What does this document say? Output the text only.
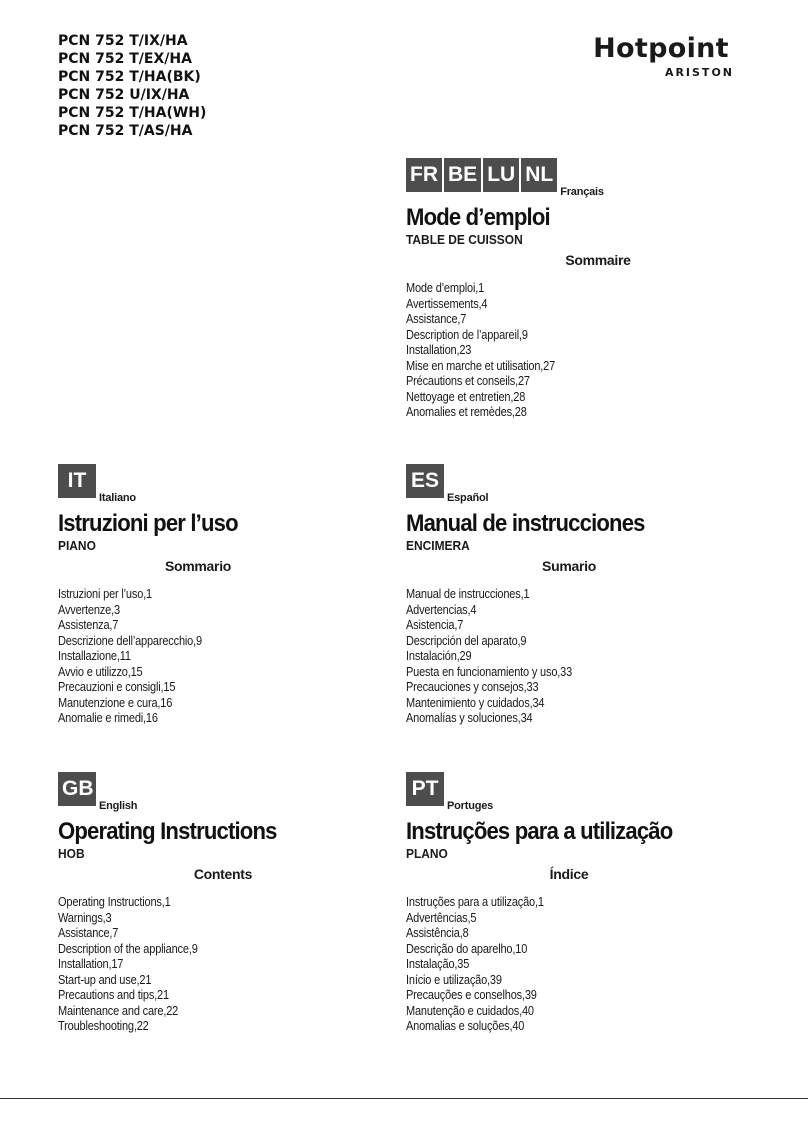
PCN 752 T/IX/HA
PCN 752 T/EX/HA
PCN 752 T/HA(BK)
PCN 752 U/IX/HA
PCN 752 T/HA(WH)
PCN 752 T/AS/HA
Hotpoint
ARISTON
FR BE LU NL
Français
Mode d’emploi
TABLE DE CUISSON
Sommaire
Mode d’emploi,1
Avertissements,4
Assistance,7
Description de l’appareil,9
Installation,23
Mise en marche et utilisation,27
Précautions et conseils,27
Nettoyage et entretien,28
Anomalies et remèdes,28
IT
Italiano
Istruzioni per l’uso
PIANO
Sommario
Istruzioni per l’uso,1
Avvertenze,3
Assistenza,7
Descrizione dell’apparecchio,9
Installazione,11
Avvio e utilizzo,15
Precauzioni e consigli,15
Manutenzione e cura,16
Anomalie e rimedi,16
ES
Español
Manual de instrucciones
ENCIMERA
Sumario
Manual de instrucciones,1
Advertencias,4
Asistencia,7
Descripción del aparato,9
Instalación,29
Puesta en funcionamiento y uso,33
Precauciones y consejos,33
Mantenimiento y cuidados,34
Anomalías y soluciones,34
GB
English
Operating Instructions
HOB
Contents
Operating Instructions,1
Warnings,3
Assistance,7
Description of the appliance,9
Installation,17
Start-up and use,21
Precautions and tips,21
Maintenance and care,22
Troubleshooting,22
PT
Portuges
Instruções para a utilização
PLANO
Índice
Instruções para a utilização,1
Advertências,5
Assistência,8
Descrição do aparelho,10
Instalação,35
Início e utilização,39
Precauções e conselhos,39
Manutenção e cuidados,40
Anomalias e soluções,40
